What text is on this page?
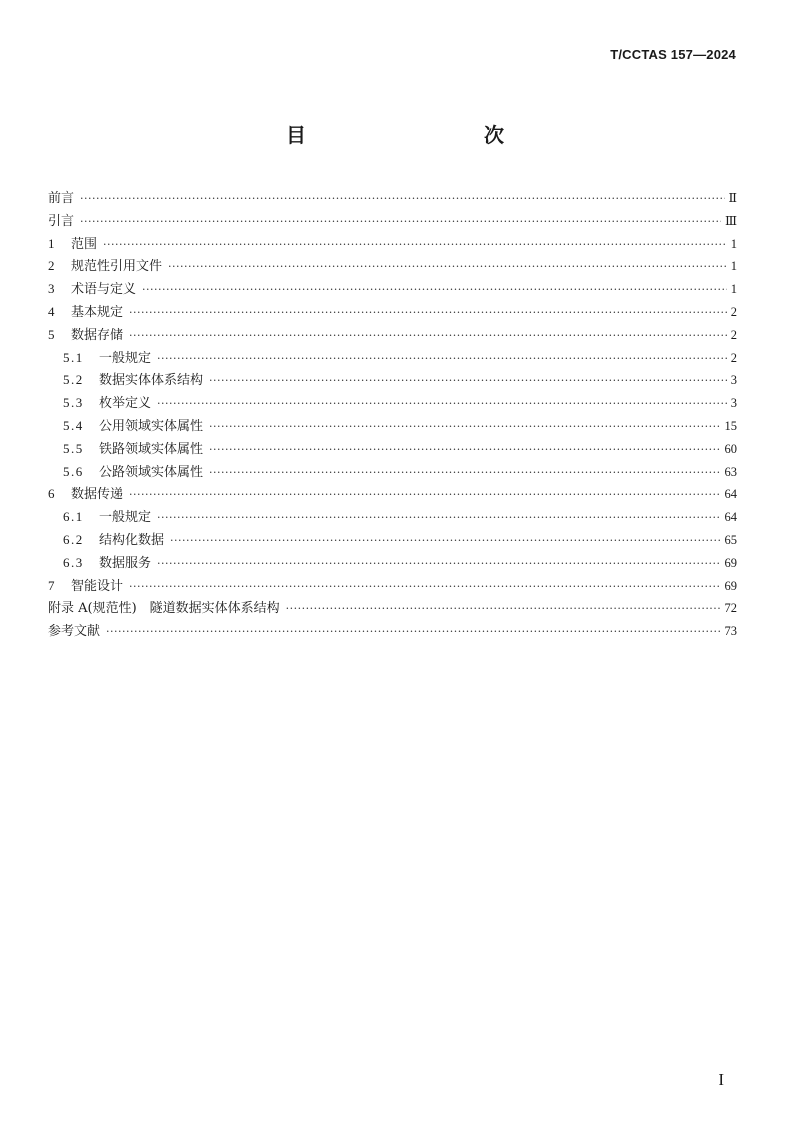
T/CCTAS 157—2024
目　　次
前言 ·····	Ⅱ
引言 ·····	Ⅲ
1	范围 ·····	1
2	规范性引用文件 ·····	1
3	术语与定义 ·····	1
4	基本规定 ·····	2
5	数据存储 ·····	2
5.1	一般规定 ·····	2
5.2	数据实体体系结构 ·····	3
5.3	枚举定义 ·····	3
5.4	公用领域实体属性 ·····	15
5.5	铁路领域实体属性 ·····	60
5.6	公路领域实体属性 ·····	63
6	数据传递 ·····	64
6.1	一般规定 ·····	64
6.2	结构化数据 ·····	65
6.3	数据服务 ·····	69
7	智能设计 ·····	69
附录 A(规范性)　隧道数据实体体系结构 ·····	72
参考文献 ·····	73
I
